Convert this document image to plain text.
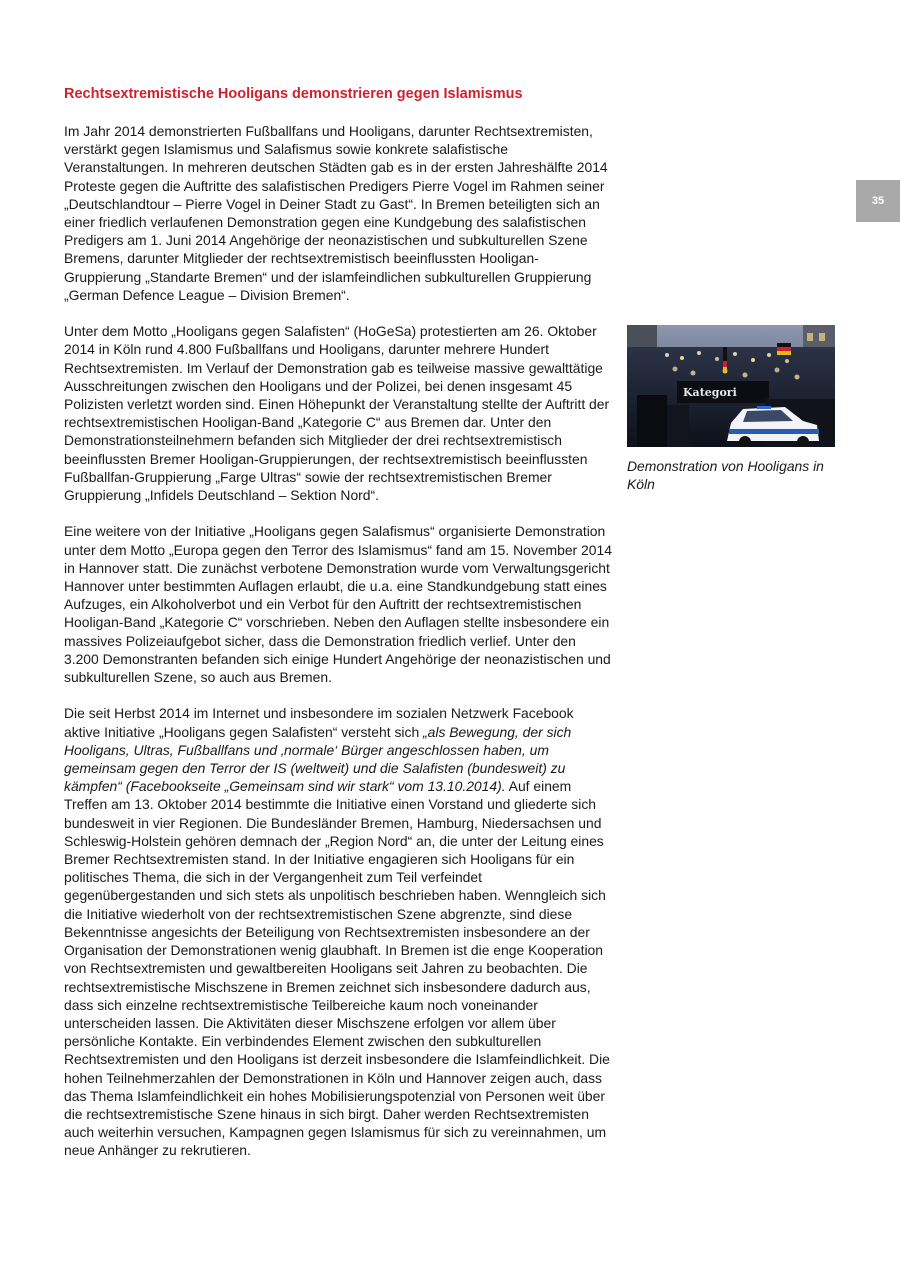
Rechtsextremistische Hooligans demonstrieren gegen Islamismus
35

Im Jahr 2014 demonstrierten Fußballfans und Hooligans, darunter Rechtsextremisten, verstärkt gegen Islamismus und Salafismus sowie konkrete salafistische Veranstaltungen. In mehreren deutschen Städten gab es in der ersten Jahreshälfte 2014 Proteste gegen die Auftritte des salafistischen Predigers Pierre Vogel im Rahmen seiner „Deutschlandtour – Pierre Vogel in Deiner Stadt zu Gast“. In Bremen beteiligten sich an einer friedlich verlaufenen Demonstration gegen eine Kundgebung des salafistischen Predigers am 1. Juni 2014 Angehörige der neonazistischen und subkulturellen Szene Bremens, darunter Mitglieder der rechtsextremistisch beeinflussten Hooligan-Gruppierung „Standarte Bremen“ und der islamfeindlichen subkulturellen Gruppierung „German Defence League – Division Bremen“.

Unter dem Motto „Hooligans gegen Salafisten“ (HoGeSa) protestierten am 26. Oktober 2014 in Köln rund 4.800 Fußballfans und Hooligans, darunter mehrere Hundert Rechtsextremisten. Im Verlauf der Demonstration gab es teilweise massive gewalttätige Ausschreitungen zwischen den Hooligans und der Polizei, bei denen insgesamt 45 Polizisten verletzt worden sind. Einen Höhepunkt der Veranstaltung stellte der Auftritt der rechtsextremistischen Hooligan-Band „Kategorie C“ aus Bremen dar. Unter den Demonstrationsteilnehmern befanden sich Mitglieder der drei rechtsextremistisch beeinflussten Bremer Hooligan-Gruppierungen, der rechtsextremistisch beeinflussten Fußballfan-Gruppierung „Farge Ultras“ sowie der rechtsextremistischen Bremer Gruppierung „Infidels Deutschland – Sektion Nord“.

Eine weitere von der Initiative „Hooligans gegen Salafismus“ organisierte Demonstration unter dem Motto „Europa gegen den Terror des Islamismus“ fand am 15. November 2014 in Hannover statt. Die zunächst verbotene Demonstration wurde vom Verwaltungsgericht Hannover unter bestimmten Auflagen erlaubt, die u.a. eine Standkundgebung statt eines Aufzuges, ein Alkoholverbot und ein Verbot für den Auftritt der rechtsextremistischen Hooligan-Band „Kategorie C“ vorschrieben. Neben den Auflagen stellte insbesondere ein massives Polizeiaufgebot sicher, dass die Demonstration friedlich verlief. Unter den 3.200 Demonstranten befanden sich einige Hundert Angehörige der neonazistischen und subkulturellen Szene, so auch aus Bremen.

Die seit Herbst 2014 im Internet und insbesondere im sozialen Netzwerk Facebook aktive Initiative „Hooligans gegen Salafisten“ versteht sich „als Bewegung, der sich Hooligans, Ultras, Fußballfans und ‚normale‘ Bürger angeschlossen haben, um gemeinsam gegen den Terror der IS (weltweit) und die Salafisten (bundesweit) zu kämpfen“ (Facebookseite „Gemeinsam sind wir stark“ vom 13.10.2014). Auf einem Treffen am 13. Oktober 2014 bestimmte die Initiative einen Vorstand und gliederte sich bundesweit in vier Regionen. Die Bundesländer Bremen, Hamburg, Niedersachsen und Schleswig-Holstein gehören demnach der „Region Nord“ an, die unter der Leitung eines Bremer Rechtsextremisten stand. In der Initiative engagieren sich Hooligans für ein politisches Thema, die sich in der Vergangenheit zum Teil verfeindet gegenübergestanden und sich stets als unpolitisch beschrieben haben. Wenngleich sich die Initiative wiederholt von der rechtsextremistischen Szene abgrenzte, sind diese Bekenntnisse angesichts der Beteiligung von Rechtsextremisten insbesondere an der Organisation der Demonstrationen wenig glaubhaft. In Bremen ist die enge Kooperation von Rechtsextremisten und gewaltbereiten Hooligans seit Jahren zu beobachten. Die rechtsextremistische Mischszene in Bremen zeichnet sich insbesondere dadurch aus, dass sich einzelne rechtsextremistische Teilbereiche kaum noch voneinander unterscheiden lassen. Die Aktivitäten dieser Mischszene erfolgen vor allem über persönliche Kontakte. Ein verbindendes Element zwischen den subkulturellen Rechtsextremisten und den Hooligans ist derzeit insbesondere die Islamfeindlichkeit. Die hohen Teilnehmerzahlen der Demonstrationen in Köln und Hannover zeigen auch, dass das Thema Islamfeindlichkeit ein hohes Mobilisierungspotenzial von Personen weit über die rechtsextremistische Szene hinaus in sich birgt. Daher werden Rechtsextremisten auch weiterhin versuchen, Kampagnen gegen Islamismus für sich zu vereinnahmen, um neue Anhänger zu rekrutieren.

Kategori
Demonstration von Hooligans in Köln
